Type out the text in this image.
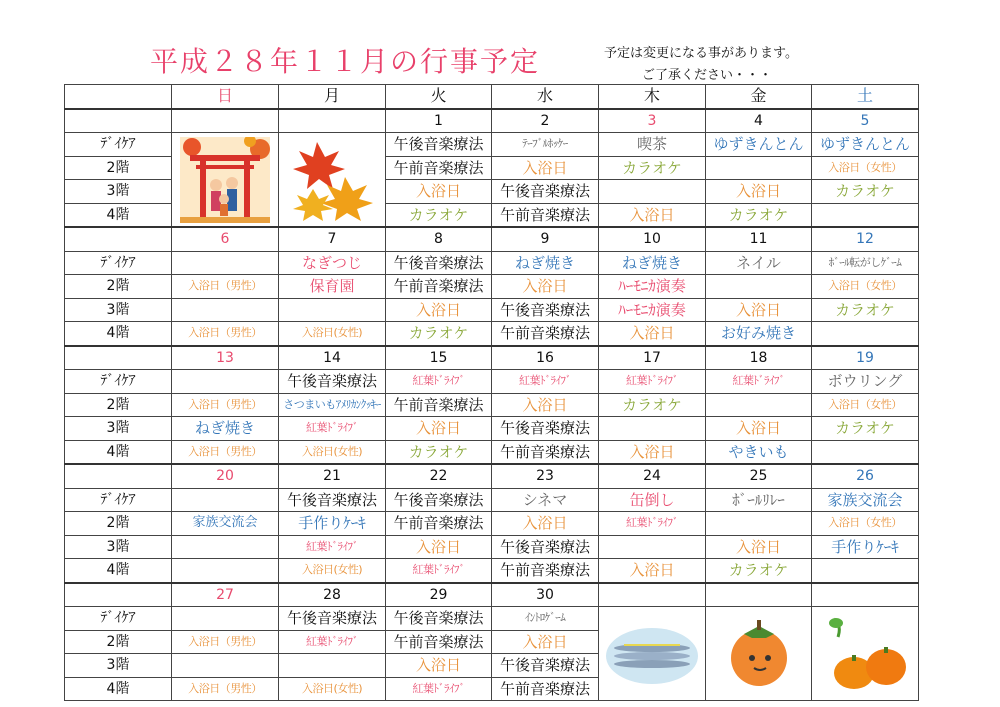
平成２８年１１月の行事予定	予定は変更になる事があります。
ご了承ください・・・
	日	月	火	水	木	金	土
			1	2	3	4	5
ﾃﾞｲｹｱ			午後音楽療法	ﾃｰﾌﾞﾙﾎｯｹｰ	喫茶	ゆずきんとん	ゆずきんとん
2階			午前音楽療法	入浴日	カラオケ		入浴日（女性）
3階			入浴日	午後音楽療法		入浴日	カラオケ
4階			カラオケ	午前音楽療法	入浴日	カラオケ	
	6	7	8	9	10	11	12
ﾃﾞｲｹｱ		なぎつじ	午後音楽療法	ねぎ焼き	ねぎ焼き	ネイル	ﾎﾞｰﾙ転がしｹﾞｰﾑ
2階	入浴日（男性）	保育園	午前音楽療法	入浴日	ﾊｰﾓﾆｶ演奏		入浴日（女性）
3階			入浴日	午後音楽療法	ﾊｰﾓﾆｶ演奏	入浴日	カラオケ
4階	入浴日（男性）	入浴日(女性)	カラオケ	午前音楽療法	入浴日	お好み焼き	
	13	14	15	16	17	18	19
ﾃﾞｲｹｱ		午後音楽療法	紅葉ﾄﾞﾗｲﾌﾞ	紅葉ﾄﾞﾗｲﾌﾞ	紅葉ﾄﾞﾗｲﾌﾞ	紅葉ﾄﾞﾗｲﾌﾞ	ボウリング
2階	入浴日（男性）	さつまいもｱﾒﾘｶﾝｸｯｷｰ	午前音楽療法	入浴日	カラオケ		入浴日（女性）
3階	ねぎ焼き	紅葉ﾄﾞﾗｲﾌﾞ	入浴日	午後音楽療法		入浴日	カラオケ
4階	入浴日（男性）	入浴日(女性)	カラオケ	午前音楽療法	入浴日	やきいも	
	20	21	22	23	24	25	26
ﾃﾞｲｹｱ		午後音楽療法	午後音楽療法	シネマ	缶倒し	ﾎﾞｰﾙﾘﾚｰ	家族交流会
2階	家族交流会	手作りｹｰｷ	午前音楽療法	入浴日	紅葉ﾄﾞﾗｲﾌﾞ		入浴日（女性）
3階		紅葉ﾄﾞﾗｲﾌﾞ	入浴日	午後音楽療法		入浴日	手作りｹｰｷ
4階		入浴日(女性)	紅葉ﾄﾞﾗｲﾌﾞ	午前音楽療法	入浴日	カラオケ	
	27	28	29	30			
ﾃﾞｲｹｱ		午後音楽療法	午後音楽療法	ｲﾝﾄﾛｹﾞｰﾑ	

2階	入浴日（男性）	紅葉ﾄﾞﾗｲﾌﾞ	午前音楽療法	入浴日			
3階			入浴日	午後音楽療法			
4階	入浴日（男性）	入浴日(女性)	紅葉ﾄﾞﾗｲﾌﾞ	午前音楽療法			
